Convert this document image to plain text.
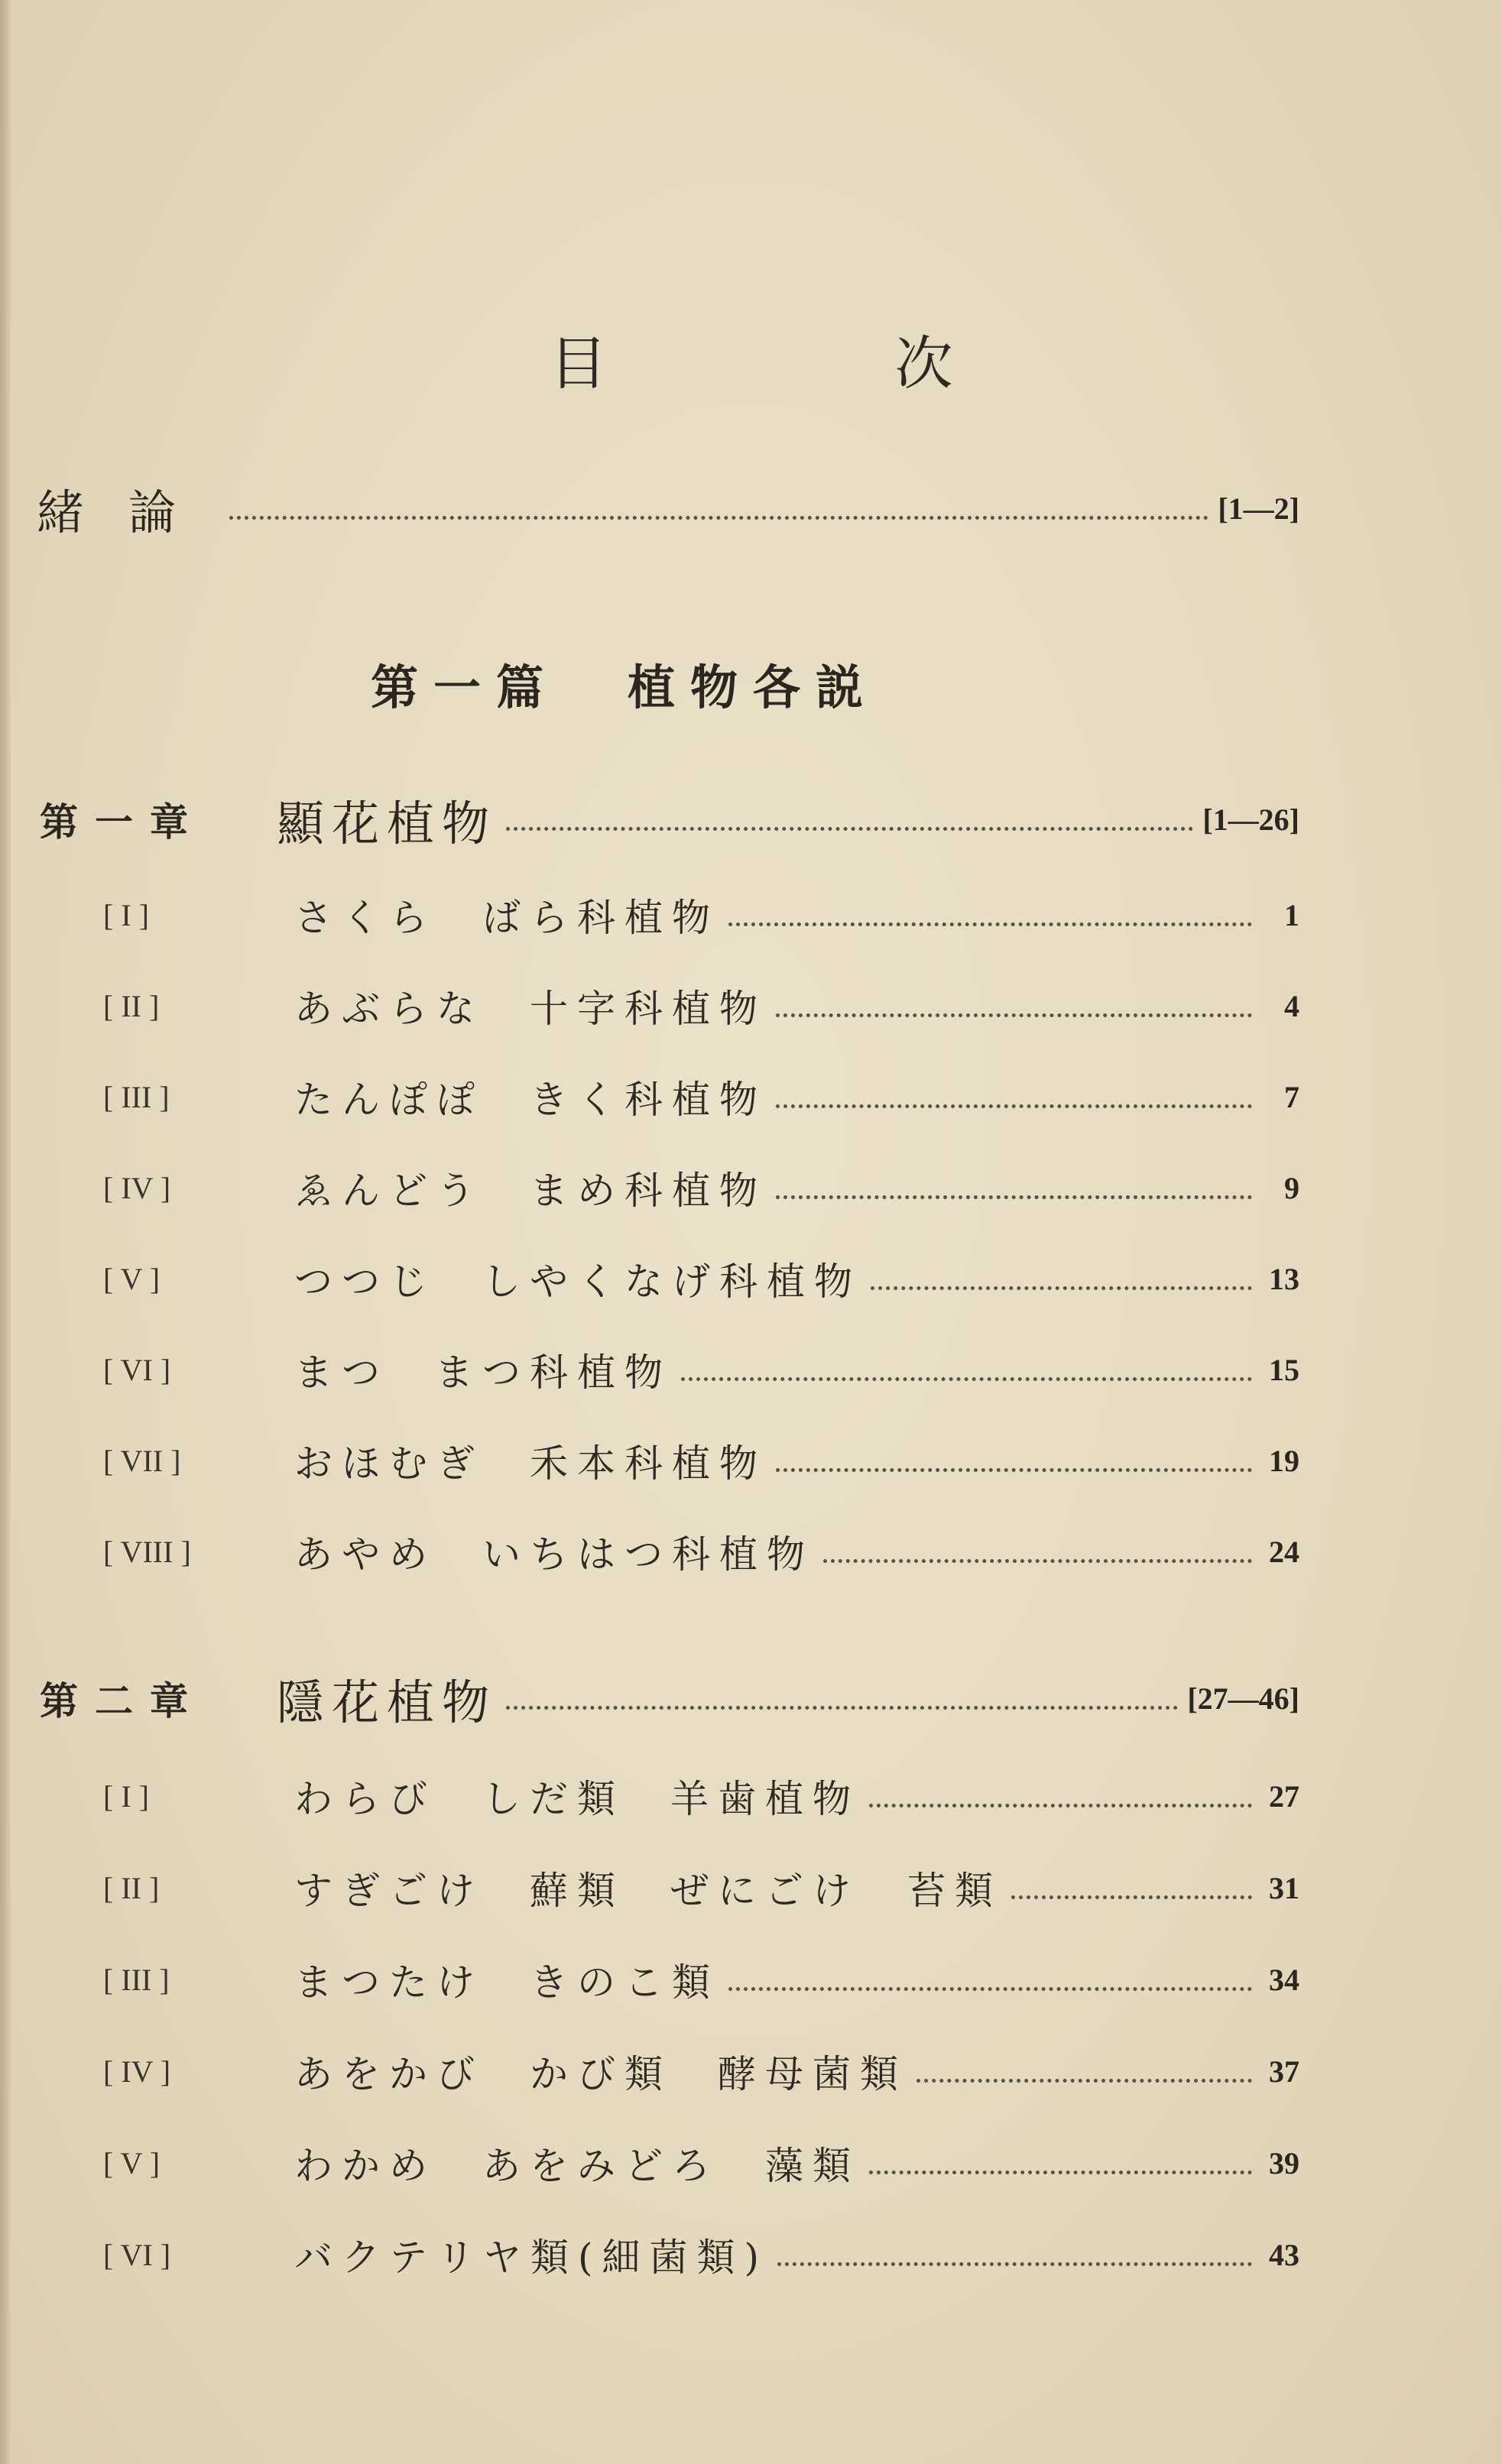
目　次
緒論	[1—2]
第一篇 植物各説
第一章	顯花植物	[1—26]
[ I ]	さくら ばら科植物	1
[ II ]	あぶらな 十字科植物	4
[ III ]	たんぽぽ きく科植物	7
[ IV ]	ゑんどう まめ科植物	9
[ V ]	つつじ しやくなげ科植物	13
[ VI ]	まつ まつ科植物	15
[ VII ]	おほむぎ 禾本科植物	19
[ VIII ]	あやめ いちはつ科植物	24
第二章	隱花植物	[27—46]
[ I ]	わらび しだ類 羊歯植物	27
[ II ]	すぎごけ 蘚類 ぜにごけ　苔類	31
[ III ]	まつたけ きのこ類	34
[ IV ]	あをかび かび類 酵母菌類	37
[ V ]	わかめ あをみどろ 藻類	39
[ VI ]	バクテリヤ類(細菌類)	43
